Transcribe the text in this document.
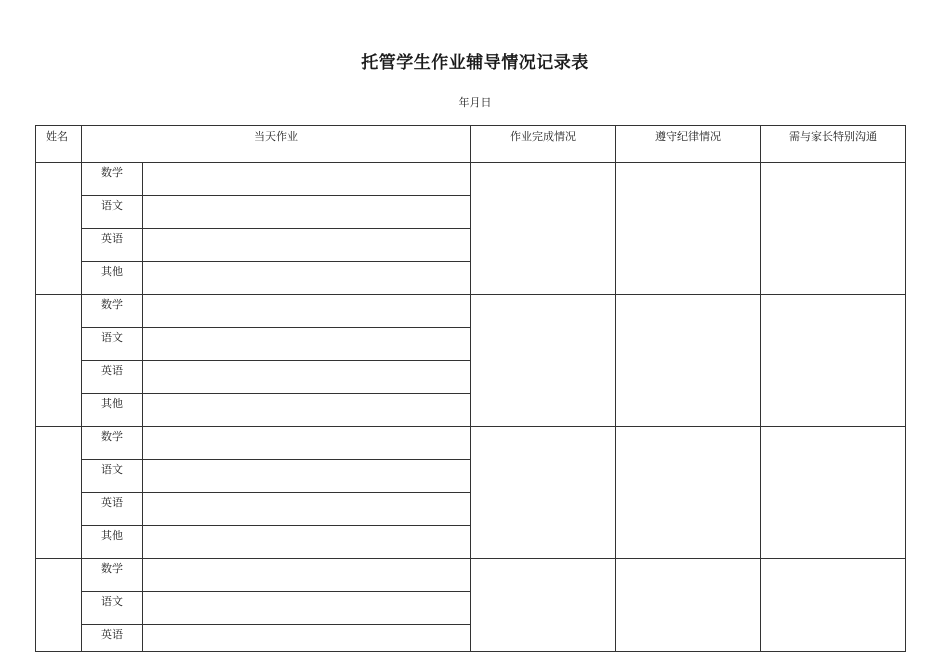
托管学生作业辅导情况记录表
年月日
姓名	当天作业		作业完成情况	遵守纪律情况	需与家长特别沟通
	数学				
	语文				
	英语				
	其他				
	数学				
	语文				
	英语				
	其他				
	数学				
	语文				
	英语				
	其他				
	数学				
	语文				
	英语				
